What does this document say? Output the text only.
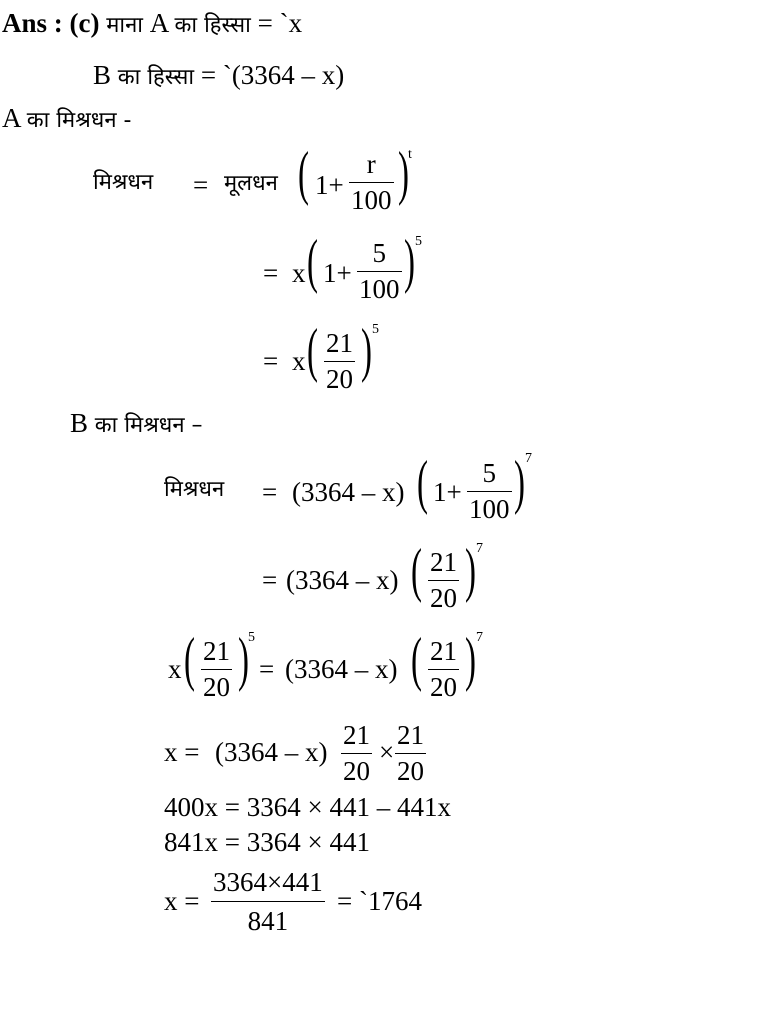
Ans : (c) माना A का हिस्सा = `x
B का हिस्सा = `(3364 – x)
A का मिश्रधन -
मिश्रधन = मूलधन ( 1+
r
100 ) t
= x ( 1+
5
100 ) 5
= x ( 21
20 ) 5
B का मिश्रधन –
मिश्रधन = (3364 – x) ( 1+
5
100 ) 7
= (3364 – x) ( 21
20 ) 7
x ( 21
20 ) 5
= (3364 – x) ( 21
20 ) 7
x = (3364 – x)
21
20
×
21
20
400x = 3364 × 441 – 441x
841x = 3364 × 441
x =
3364×441
841
= `1764
